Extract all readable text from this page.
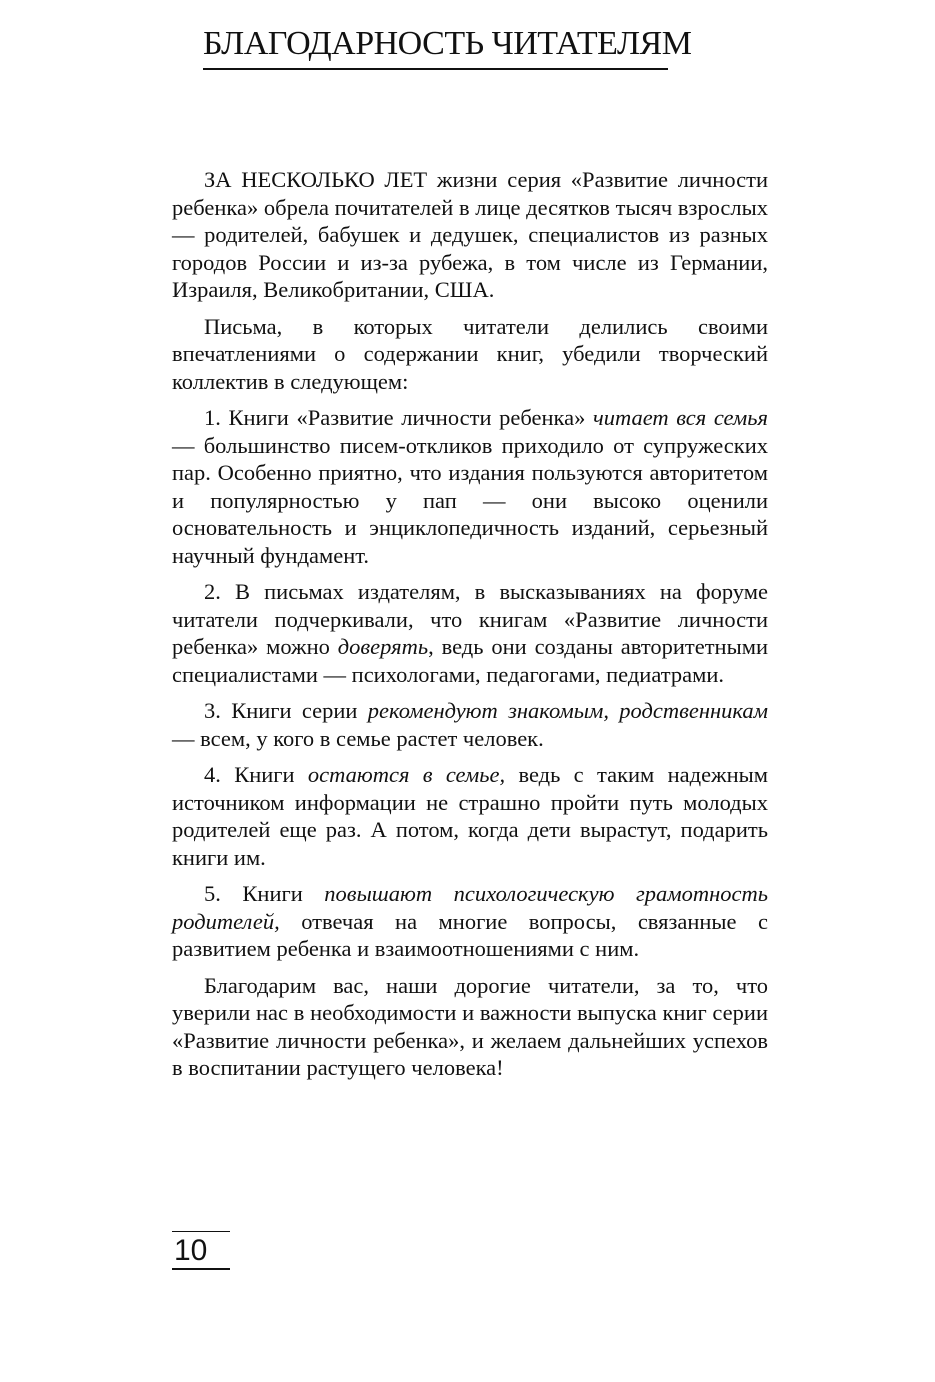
БЛАГОДАРНОСТЬ ЧИТАТЕЛЯМ

ЗА НЕСКОЛЬКО ЛЕТ жизни серия «Развитие личности ребенка» обрела почитателей в лице десятков тысяч взрослых — родителей, бабушек и дедушек, специалистов из разных городов России и из-за рубежа, в том числе из Германии, Израиля, Великобритании, США.

Письма, в которых читатели делились своими впечатлениями о содержании книг, убедили творческий коллектив в следующем:

1. Книги «Развитие личности ребенка» читает вся семья — большинство писем-откликов приходило от супружеских пар. Особенно приятно, что издания пользуются авторитетом и популярностью у пап — они высоко оценили основательность и энциклопедичность изданий, серьезный научный фундамент.

2. В письмах издателям, в высказываниях на форуме читатели подчеркивали, что книгам «Развитие личности ребенка» можно доверять, ведь они созданы авторитетными специалистами — психологами, педагогами, педиатрами.

3. Книги серии рекомендуют знакомым, родственникам — всем, у кого в семье растет человек.

4. Книги остаются в семье, ведь с таким надежным источником информации не страшно пройти путь молодых родителей еще раз. А потом, когда дети вырастут, подарить книги им.

5. Книги повышают психологическую грамотность родителей, отвечая на многие вопросы, связанные с развитием ребенка и взаимоотношениями с ним.

Благодарим вас, наши дорогие читатели, за то, что уверили нас в необходимости и важности выпуска книг серии «Развитие личности ребенка», и желаем дальнейших успехов в воспитании растущего человека!

10
